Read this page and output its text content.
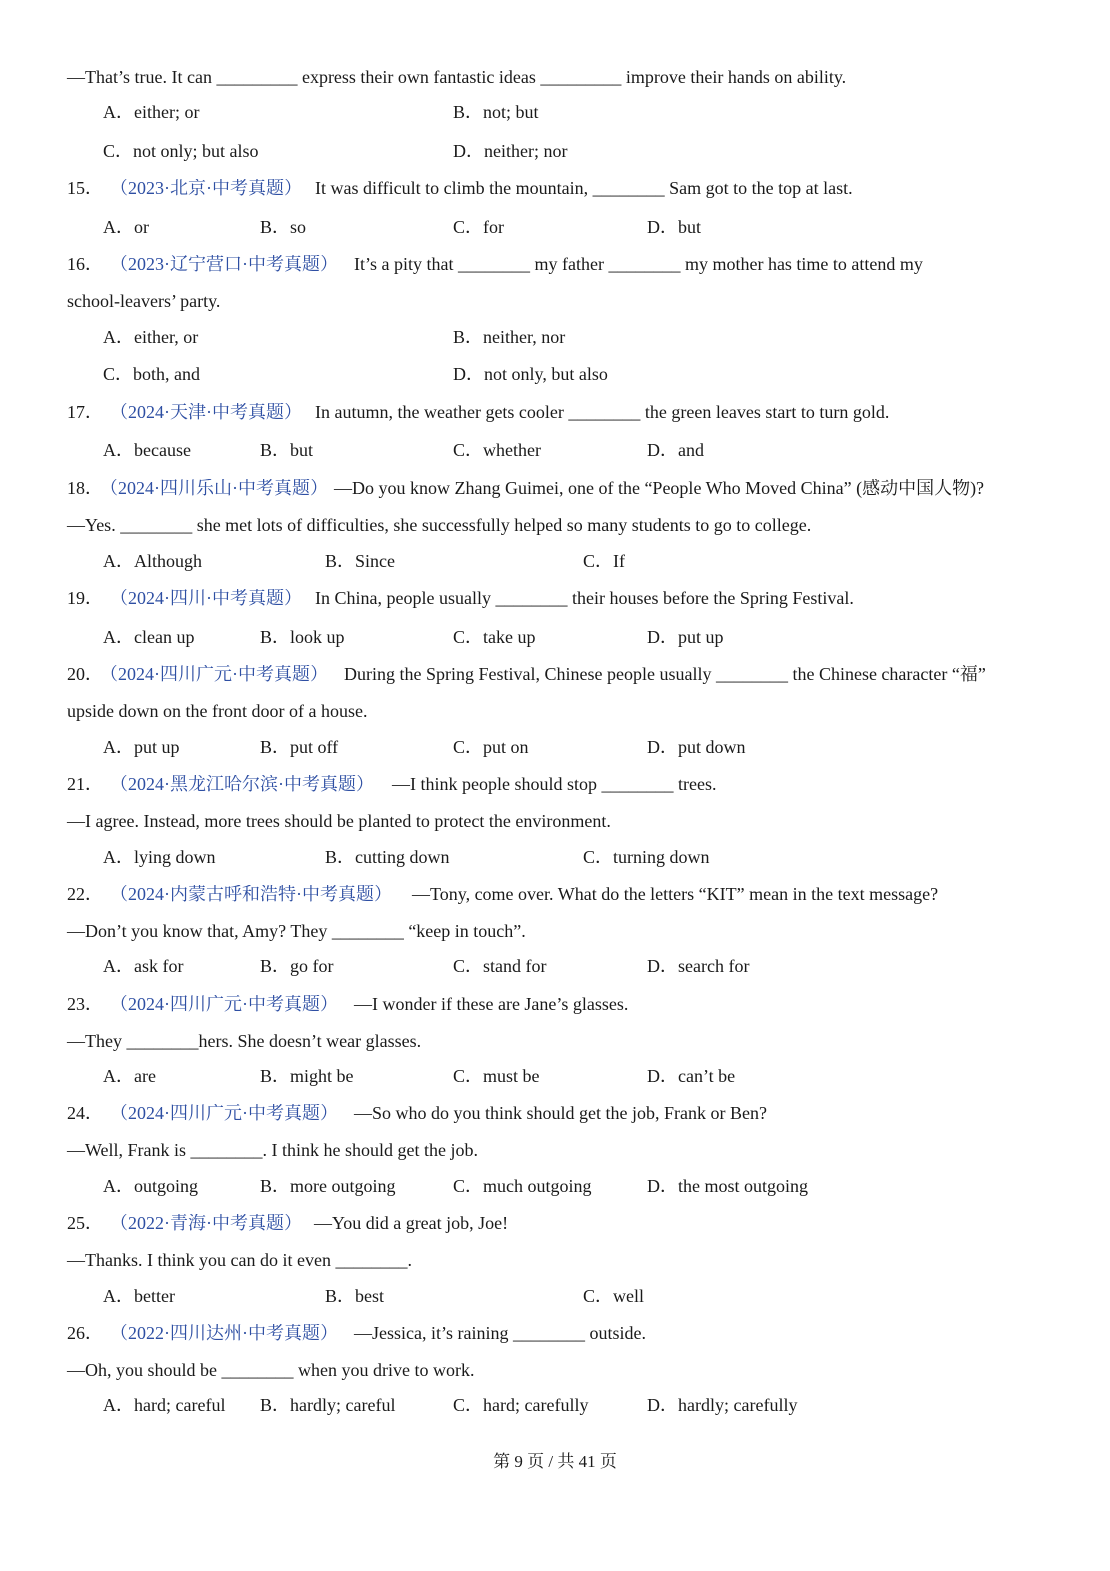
—That’s true. It can _________ express their own fantastic ideas _________ improve their hands on ability.
A．either; or	B．not; but
C．not only; but also	D．neither; nor
15． （2023·北京·中考真题） It was difficult to climb the mountain, ________ Sam got to the top at last.
A．or	B．so	C．for	D．but
16． （2023·辽宁营口·中考真题） It’s a pity that ________ my father ________ my mother has time to attend my
school-leavers’ party.
A．either, or	B．neither, nor
C．both, and	D．not only, but also
17． （2024·天津·中考真题） In autumn, the weather gets cooler ________ the green leaves start to turn gold.
A．because	B．but	C．whether	D．and
18．
（2024·四川乐山·中考真题） —Do you know Zhang Guimei, one of the “People Who Moved China” (感动中国人物)?
—Yes. ________ she met lots of difficulties, she successfully helped so many students to go to college.
A．Although	B．Since	C．If
19． （2024·四川·中考真题） In China, people usually ________ their houses before the Spring Festival.
A．clean up	B．look up	C．take up	D．put up
20．
（2024·四川广元·中考真题） During the Spring Festival, Chinese people usually ________ the Chinese character “福”
upside down on the front door of a house.
A．put up	B．put off	C．put on	D．put down
21． （2024·黑龙江哈尔滨·中考真题） —I think people should stop ________ trees.
—I agree. Instead, more trees should be planted to protect the environment.
A．lying down	B．cutting down	C．turning down
22． （2024·内蒙古呼和浩特·中考真题） —Tony, come over. What do the letters “KIT” mean in the text message?
—Don’t you know that, Amy? They ________ “keep in touch”.
A．ask for	B．go for	C．stand for	D．search for
23． （2024·四川广元·中考真题） —I wonder if these are Jane’s glasses.
—They ________hers. She doesn’t wear glasses.
A．are	B．might be	C．must be	D．can’t be
24． （2024·四川广元·中考真题） —So who do you think should get the job, Frank or Ben?
—Well, Frank is ________. I think he should get the job.
A．outgoing	B．more outgoing	C．much outgoing	D．the most outgoing
25． （2022·青海·中考真题） —You did a great job, Joe!
—Thanks. I think you can do it even ________.
A．better	B．best	C．well
26． （2022·四川达州·中考真题） —Jessica, it’s raining ________ outside.
—Oh, you should be ________ when you drive to work.
A．hard; careful B．hardly; careful	C．hard; carefully	D．hardly; carefully
第 9 页 / 共 41 页
